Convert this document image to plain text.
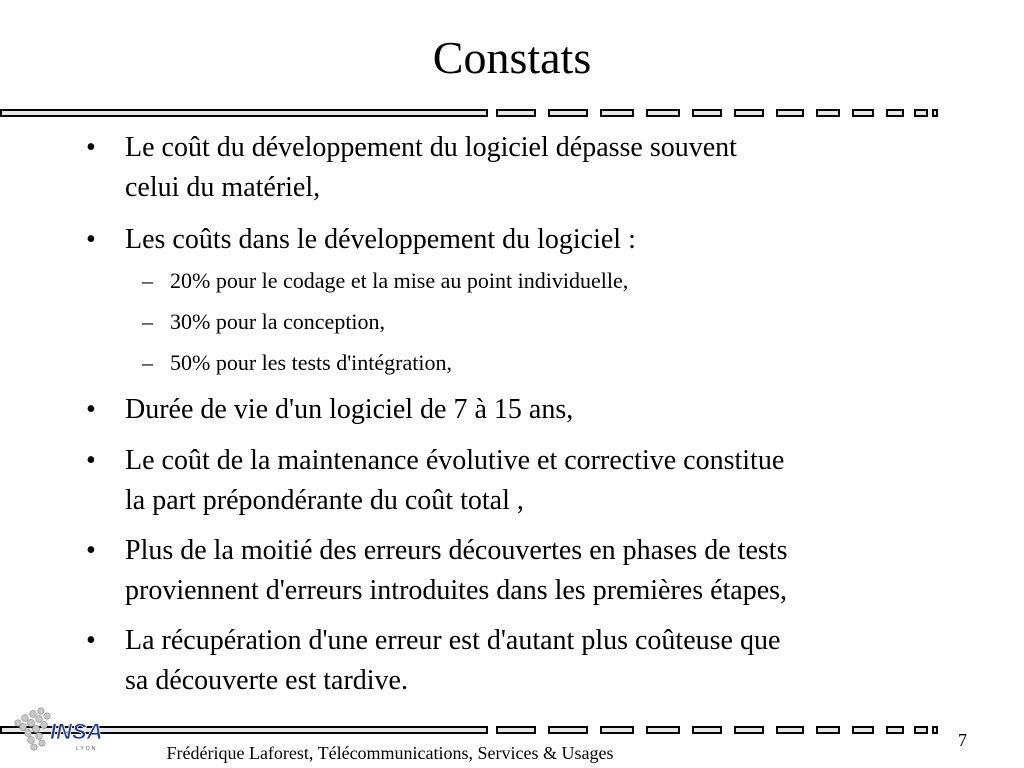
Constats
• Le coût du développement du logiciel dépasse souvent
celui du matériel,
• Les coûts dans le développement du logiciel :
– 20% pour le codage et la mise au point individuelle,
– 30% pour la conception,
– 50% pour les tests d'intégration,
• Durée de vie d'un logiciel de 7 à 15 ans,
• Le coût de la maintenance évolutive et corrective constitue
la part prépondérante du coût total ,
• Plus de la moitié des erreurs découvertes en phases de tests
proviennent d'erreurs introduites dans les premières étapes,
• La récupération d'une erreur est d'autant plus coûteuse que
sa découverte est tardive.
INSA
LYON	Frédérique Laforest, Télécommunications, Services & Usages
7
